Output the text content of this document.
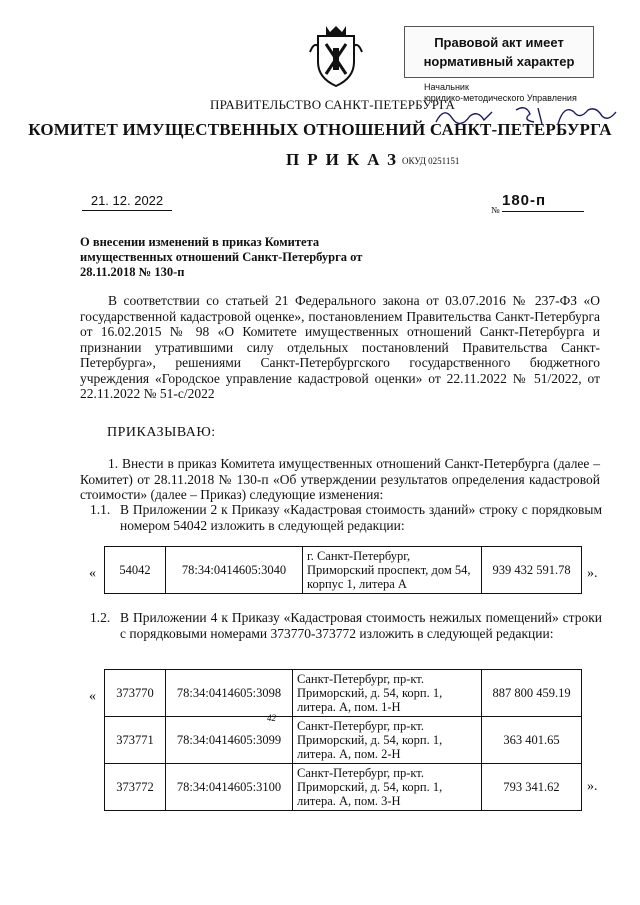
Правовой акт имеет
нормативный характер
Начальник
юридико-методического Управления
ПРАВИТЕЛЬСТВО САНКТ-ПЕТЕРБУРГА
КОМИТЕТ ИМУЩЕСТВЕННЫХ ОТНОШЕНИЙ САНКТ-ПЕТЕРБУРГА
ПРИКАЗ
ОКУД 0251151
21. 12. 2022
№
180-п
О внесении изменений в приказ Комитета имущественных отношений Санкт-Петербурга от 28.11.2018 № 130-п
В соответствии со статьей 21 Федерального закона от 03.07.2016 № 237-ФЗ «О государственной кадастровой оценке», постановлением Правительства Санкт-Петербурга от 16.02.2015 № 98 «О Комитете имущественных отношений Санкт-Петербурга и признании утратившими силу отдельных постановлений Правительства Санкт-Петербурга», решениями Санкт-Петербургского государственного бюджетного учреждения «Городское управление кадастровой оценки» от 22.11.2022 № 51/2022, от 22.11.2022 № 51-с/2022
ПРИКАЗЫВАЮ:
1. Внести в приказ Комитета имущественных отношений Санкт-Петербурга (далее – Комитет) от 28.11.2018 № 130-п «Об утверждении результатов определения кадастровой стоимости» (далее – Приказ) следующие изменения:
1.1. В Приложении 2 к Приказу «Кадастровая стоимость зданий» строку с порядковым номером 54042 изложить в следующей редакции:
« 54042	78:34:0414605:3040	г. Санкт-Петербург, Приморский проспект, дом 54, корпус 1, литера А	939 432 591.78 ».
1.2. В Приложении 4 к Приказу «Кадастровая стоимость нежилых помещений» строки с порядковыми номерами 373770-373772 изложить в следующей редакции:
« 373770	78:34:0414605:3098	Санкт-Петербург, пр-кт. Приморский, д. 54, корп. 1, литера. А, пом. 1-Н	887 800 459.19
373771	78:34:0414605:3099	Санкт-Петербург, пр-кт. Приморский, д. 54, корп. 1, литера. А, пом. 2-Н	363 401.65
373772	78:34:0414605:3100	Санкт-Петербург, пр-кт. Приморский, д. 54, корп. 1, литера. А, пом. 3-Н	793 341.62
42
».
